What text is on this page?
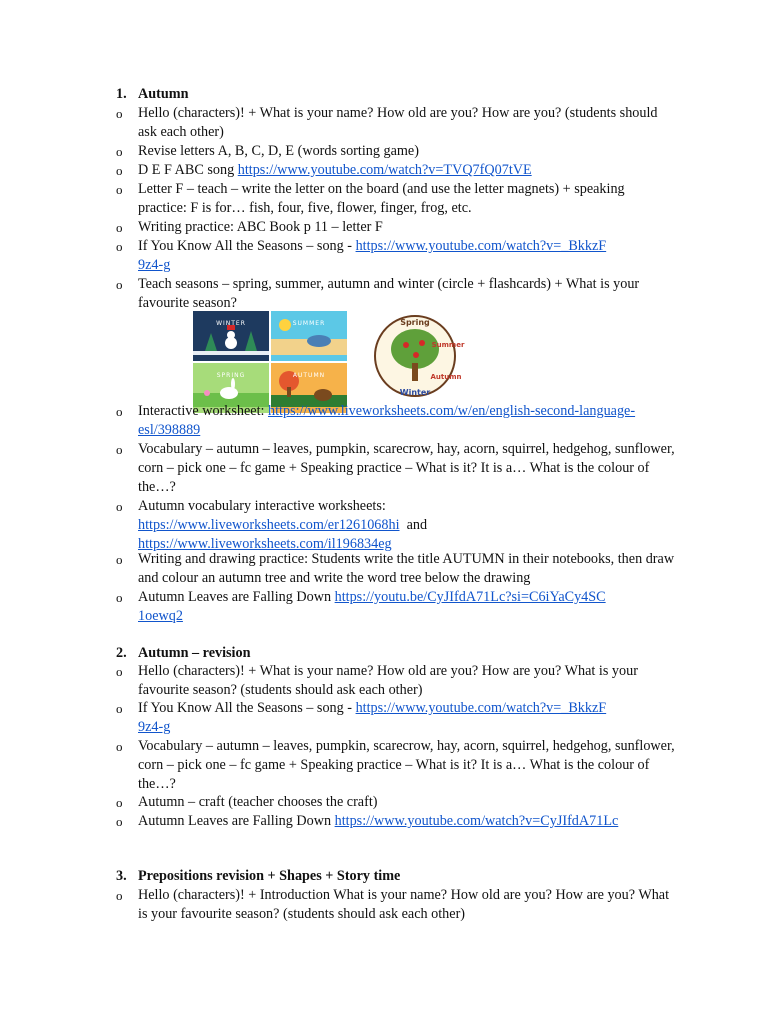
1. Autumn
o	Hello (characters)! + What is your name? How old are you? How are you? (students should ask each other)
o	Revise letters A, B, C, D, E (words sorting game)
o	D E F ABC song https://www.youtube.com/watch?v=TVQ7fQ07tVE
o	Letter F – teach – write the letter on the board (and use the letter magnets) + speaking practice: F is for… fish, four, five, flower, finger, frog, etc.
o	Writing practice: ABC Book p 11 – letter F
o	If You Know All the Seasons – song - https://www.youtube.com/watch?v=_BkkzF9z4-g
o	Teach seasons – spring, summer, autumn and winter (circle + flashcards) + What is your favourite season?
WINTER	SUMMER
SPRING	AUTUMN
Spring
Winter
Summer
Autumn
o	Interactive worksheet: https://www.liveworksheets.com/w/en/english-second-language-esl/398889
o	Vocabulary – autumn – leaves, pumpkin, scarecrow, hay, acorn, squirrel, hedgehog, sunflower, corn – pick one – fc game + Speaking practice – What is it? It is a… What is the colour of the…?
o	Autumn vocabulary interactive worksheets:
https://www.liveworksheets.com/er1261068hi  and
https://www.liveworksheets.com/il196834eg
o	Writing and drawing practice: Students write the title AUTUMN in their notebooks, then draw and colour an autumn tree and write the word tree below the drawing
o	Autumn Leaves are Falling Down https://youtu.be/CyJIfdA71Lc?si=C6iYaCy4SC1oewq2
2. Autumn – revision
o	Hello (characters)! + What is your name? How old are you? How are you? What is your favourite season? (students should ask each other)
o	If You Know All the Seasons – song - https://www.youtube.com/watch?v=_BkkzF9z4-g
o	Vocabulary – autumn – leaves, pumpkin, scarecrow, hay, acorn, squirrel, hedgehog, sunflower, corn – pick one – fc game + Speaking practice – What is it? It is a… What is the colour of the…?
o	Autumn – craft (teacher chooses the craft)
o	Autumn Leaves are Falling Down https://www.youtube.com/watch?v=CyJIfdA71Lc
3. Prepositions revision + Shapes + Story time
o	Hello (characters)! + Introduction What is your name? How old are you? How are you? What is your favourite season? (students should ask each other)
